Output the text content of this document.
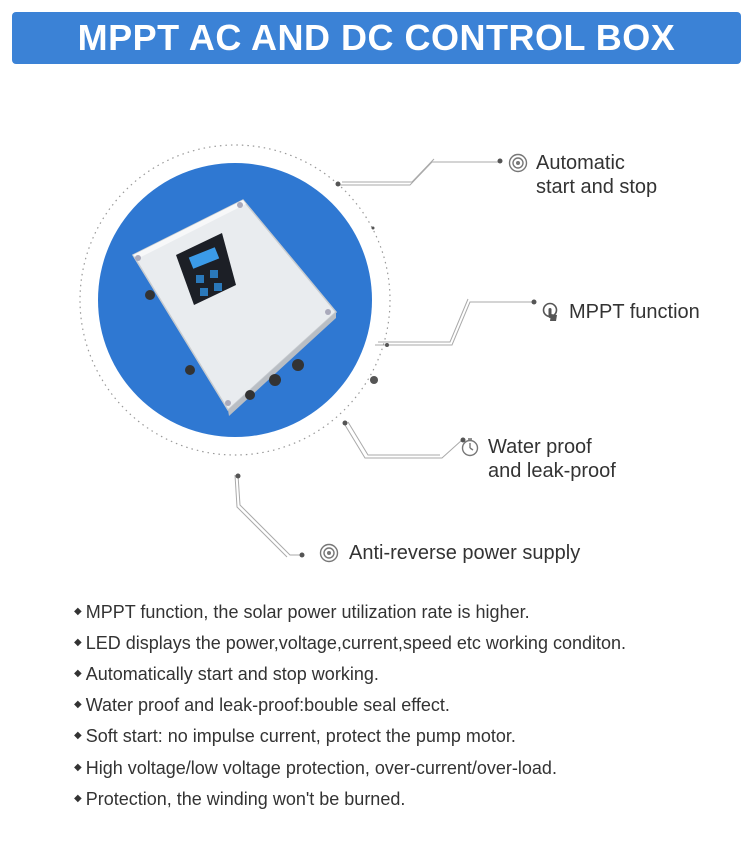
MPPT AC AND DC CONTROL BOX
Automatic
start and stop
MPPT function
Water proof
and leak-proof
Anti-reverse power supply
◆ MPPT function, the solar power utilization rate is higher.
◆ LED displays the power,voltage,current,speed etc working conditon.
◆ Automatically start and stop working.
◆ Water proof and leak-proof:bouble seal effect.
◆ Soft start: no impulse current, protect the pump motor.
◆ High voltage/low voltage protection, over-current/over-load.
◆ Protection, the winding won't be burned.
